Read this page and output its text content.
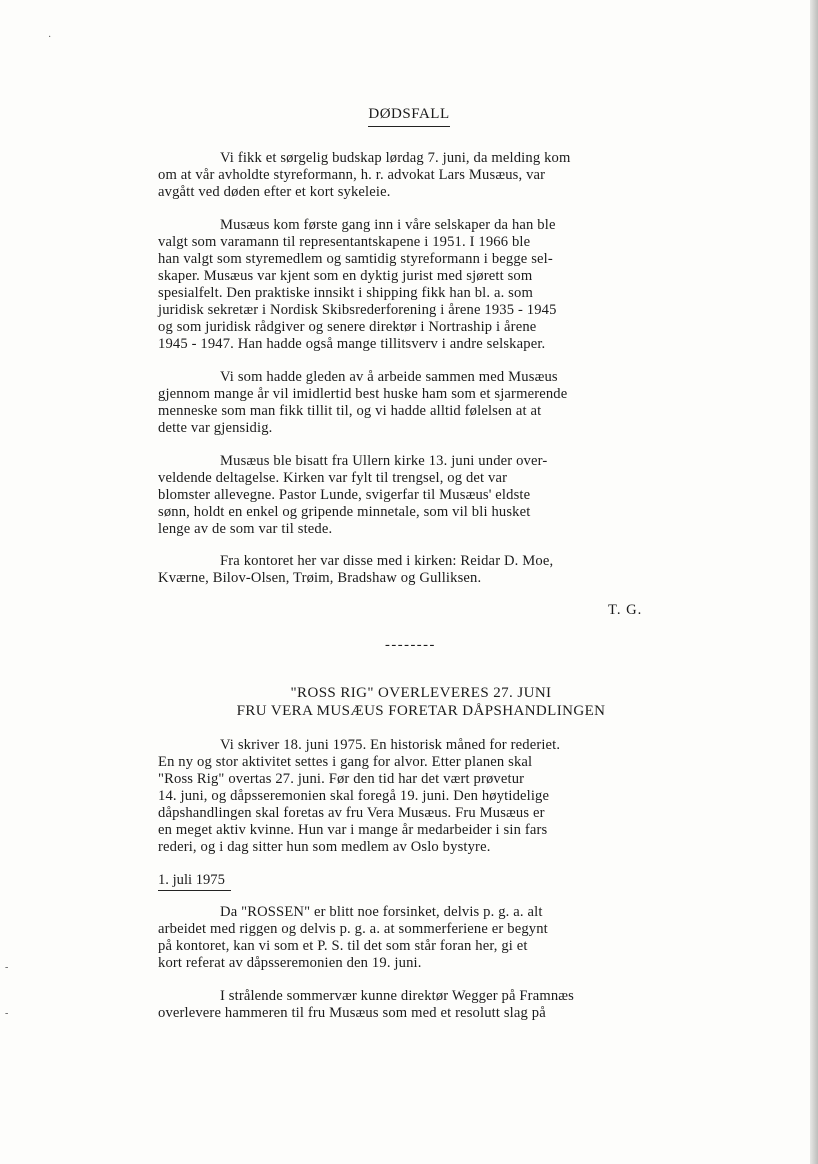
DØDSFALL
Vi fikk et sørgelig budskap lørdag 7. juni, da melding kom
om at vår avholdte styreformann, h. r. advokat Lars Musæus, var
avgått ved døden efter et kort sykeleie.
Musæus kom første gang inn i våre selskaper da han ble
valgt som varamann til representantskapene i 1951. I 1966 ble
han valgt som styremedlem og samtidig styreformann i begge sel-
skaper. Musæus var kjent som en dyktig jurist med sjørett som
spesialfelt. Den praktiske innsikt i shipping fikk han bl. a. som
juridisk sekretær i Nordisk Skibsrederforening i årene 1935 - 1945
og som juridisk rådgiver og senere direktør i Nortraship i årene
1945 - 1947. Han hadde også mange tillitsverv i andre selskaper.
Vi som hadde gleden av å arbeide sammen med Musæus
gjennom mange år vil imidlertid best huske ham som et sjarmerende
menneske som man fikk tillit til, og vi hadde alltid følelsen at at
dette var gjensidig.
Musæus ble bisatt fra Ullern kirke 13. juni under over-
veldende deltagelse. Kirken var fylt til trengsel, og det var
blomster allevegne. Pastor Lunde, svigerfar til Musæus' eldste
sønn, holdt en enkel og gripende minnetale, som vil bli husket
lenge av de som var til stede.
Fra kontoret her var disse med i kirken: Reidar D. Moe,
Kværne, Bilov-Olsen, Trøim, Bradshaw og Gulliksen.
T. G.
--------
"ROSS RIG" OVERLEVERES 27. JUNI
FRU VERA MUSÆUS FORETAR DÅPSHANDLINGEN
Vi skriver 18. juni 1975. En historisk måned for rederiet.
En ny og stor aktivitet settes i gang for alvor. Etter planen skal
"Ross Rig" overtas 27. juni. Før den tid har det vært prøvetur
14. juni, og dåpsseremonien skal foregå 19. juni. Den høytidelige
dåpshandlingen skal foretas av fru Vera Musæus. Fru Musæus er
en meget aktiv kvinne. Hun var i mange år medarbeider i sin fars
rederi, og i dag sitter hun som medlem av Oslo bystyre.
1. juli 1975
Da "ROSSEN" er blitt noe forsinket, delvis p. g. a. alt
arbeidet med riggen og delvis p. g. a. at sommerferiene er begynt
på kontoret, kan vi som et P. S. til det som står foran her, gi et
kort referat av dåpsseremonien den 19. juni.
I strålende sommervær kunne direktør Wegger på Framnæs
overlevere hammeren til fru Musæus som med et resolutt slag på
·
-
-
